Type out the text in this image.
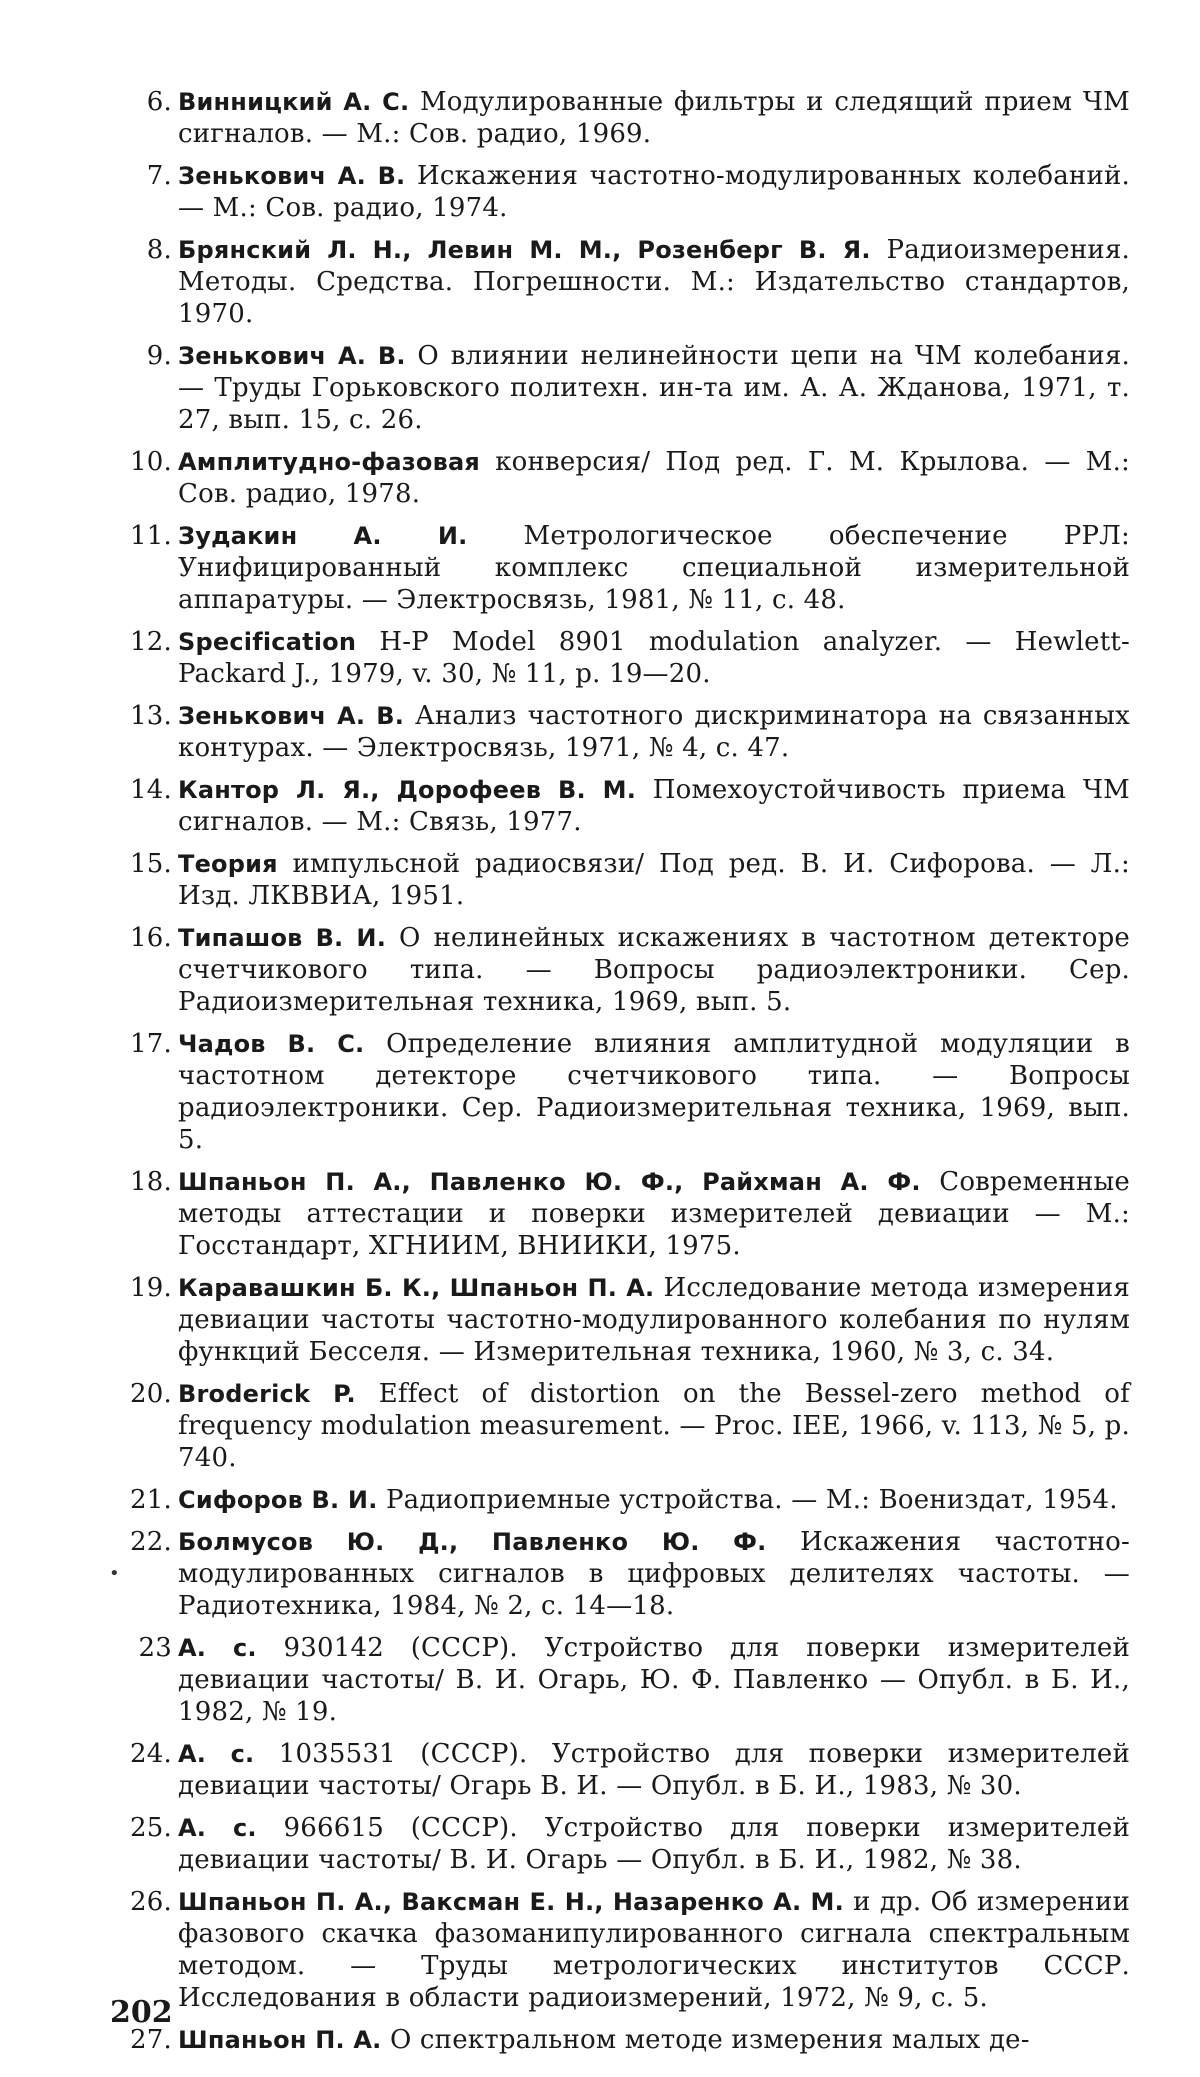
6. Винницкий А. С. Модулированные фильтры и следящий прием ЧМ сигналов. — М.: Сов. радио, 1969.
7. Зенькович А. В. Искажения частотно-модулированных колебаний. — М.: Сов. радио, 1974.
8. Брянский Л. Н., Левин М. М., Розенберг В. Я. Радиоизмерения. Методы. Средства. Погрешности. М.: Издательство стандартов, 1970.
9. Зенькович А. В. О влиянии нелинейности цепи на ЧМ колебания. — Труды Горьковского политехн. ин-та им. А. А. Жданова, 1971, т. 27, вып. 15, с. 26.
10. Амплитудно-фазовая конверсия/ Под ред. Г. М. Крылова. — М.: Сов. радио, 1978.
11. Зудакин А. И. Метрологическое обеспечение РРЛ: Унифицированный комплекс специальной измерительной аппаратуры. — Электросвязь, 1981, № 11, с. 48.
12. Specification H-P Model 8901 modulation analyzer. — Hewlett-Packard J., 1979, v. 30, № 11, p. 19—20.
13. Зенькович А. В. Анализ частотного дискриминатора на связанных контурах. — Электросвязь, 1971, № 4, с. 47.
14. Кантор Л. Я., Дорофеев В. М. Помехоустойчивость приема ЧМ сигналов. — М.: Связь, 1977.
15. Теория импульсной радиосвязи/ Под ред. В. И. Сифорова. — Л.: Изд. ЛКВВИА, 1951.
16. Типашов В. И. О нелинейных искажениях в частотном детекторе счетчикового типа. — Вопросы радиоэлектроники. Сер. Радиоизмерительная техника, 1969, вып. 5.
17. Чадов В. С. Определение влияния амплитудной модуляции в частотном детекторе счетчикового типа. — Вопросы радиоэлектроники. Сер. Радиоизмерительная техника, 1969, вып. 5.
18. Шпаньон П. А., Павленко Ю. Ф., Райхман А. Ф. Современные методы аттестации и поверки измерителей девиации — М.: Госстандарт, ХГНИИМ, ВНИИКИ, 1975.
19. Каравашкин Б. К., Шпаньон П. А. Исследование метода измерения девиации частоты частотно-модулированного колебания по нулям функций Бесселя. — Измерительная техника, 1960, № 3, с. 34.
20. Broderick P. Effect of distortion on the Bessel-zero method of frequency modulation measurement. — Proc. IEE, 1966, v. 113, № 5, p. 740.
21. Сифоров В. И. Радиоприемные устройства. — М.: Воениздат, 1954.
22. Болмусов Ю. Д., Павленко Ю. Ф. Искажения частотно-модулированных сигналов в цифровых делителях частоты. — Радиотехника, 1984, № 2, с. 14—18.
23 А. с. 930142 (СССР). Устройство для поверки измерителей девиации частоты/ В. И. Огарь, Ю. Ф. Павленко — Опубл. в Б. И., 1982, № 19.
24. А. с. 1035531 (СССР). Устройство для поверки измерителей девиации частоты/ Огарь В. И. — Опубл. в Б. И., 1983, № 30.
25. А. с. 966615 (СССР). Устройство для поверки измерителей девиации частоты/ В. И. Огарь — Опубл. в Б. И., 1982, № 38.
26. Шпаньон П. А., Ваксман Е. Н., Назаренко А. М. и др. Об измерении фазового скачка фазоманипулированного сигнала спектральным методом. — Труды метрологических институтов СССР. Исследования в области радиоизмерений, 1972, № 9, с. 5.
27. Шпаньон П. А. О спектральном методе измерения малых де-
•
202
